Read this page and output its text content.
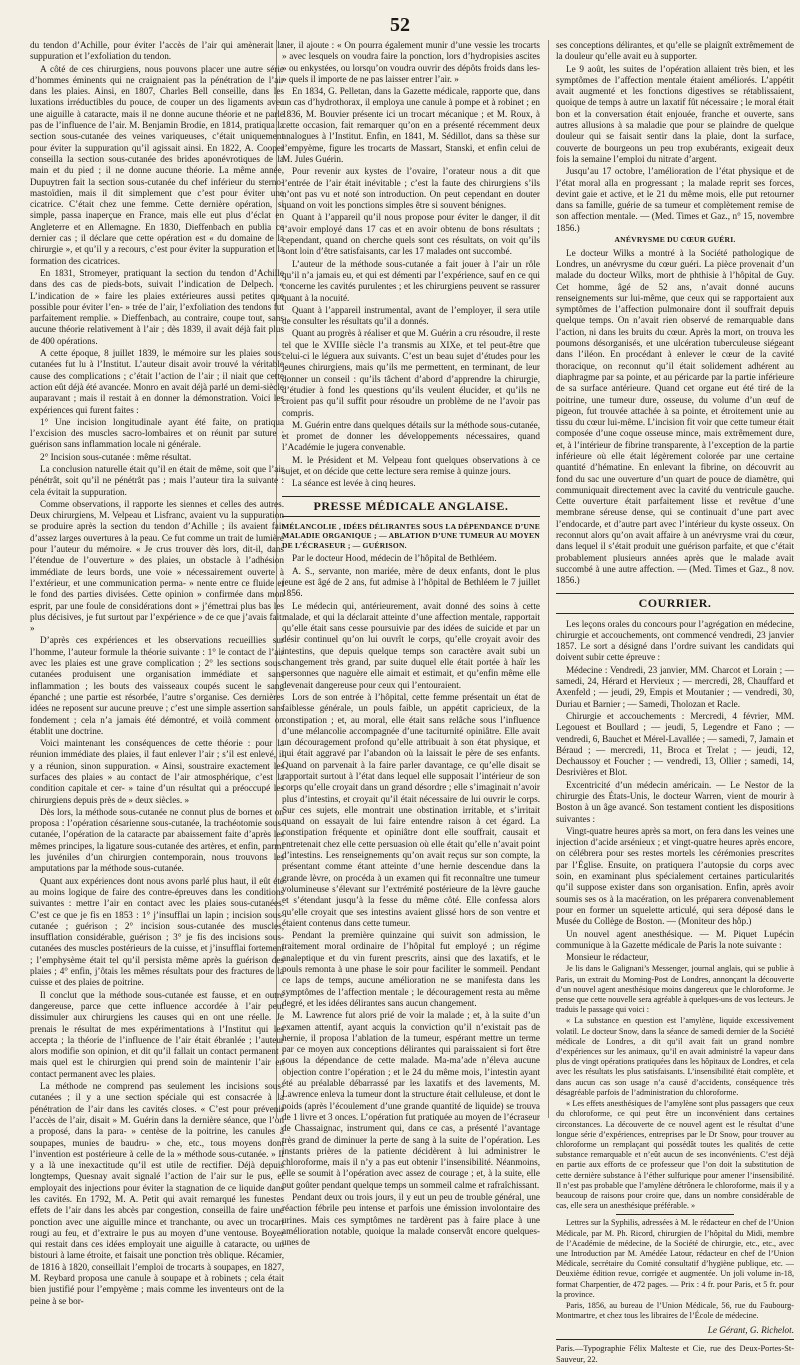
52

du tendon d’Achille, pour éviter l’accès de l’air qui amènerait la suppuration et l’exfoliation du tendon.

A côté de ces chirurgiens, nous pouvons placer une autre série d’hommes éminents qui ne craignaient pas la pénétration de l’air dans les plaies. Ainsi, en 1807, Charles Bell conseille, dans les luxations irréductibles du pouce, de couper un des ligaments avec une aiguille à cataracte, mais il ne donne aucune théorie et ne parle pas de l’influence de l’air. M. Benjamin Brodie, en 1814, pratiqua la section sous-cutanée des veines variqueuses, c’était uniquement pour éviter la suppuration qu’il agissait ainsi. En 1822, A. Cooper conseilla la section sous-cutanée des brides aponévrotiques de la main et du pied ; il ne donne aucune théorie. La même année, Dupuytren fait la section sous-cutanée du chef inférieur du sterno-mastoïdien, mais il dit simplement que c’est pour éviter une cicatrice. C’était chez une femme. Cette dernière opération, si simple, passa inaperçue en France, mais elle eut plus d’éclat en Angleterre et en Allemagne. En 1830, Dieffenbach en publia ce dernier cas ; il déclare que cette opération est « du domaine de la chirurgie », et qu’il y a recours, c’est pour éviter la suppuration et la formation des cicatrices.

En 1831, Stromeyer, pratiquant la section du tendon d’Achille dans des cas de pieds-bots, suivait l’indication de Delpech. « L’indication de » faire les plaies extérieures aussi petites que possible pour éviter l’en- » trée de l’air, l’exfoliation des tendons fut parfaitement remplie. » Dieffenbach, au contraire, coupe tout, sans aucune théorie relativement à l’air ; dès 1839, il avait déjà fait plus de 400 opérations.

A cette époque, 8 juillet 1839, le mémoire sur les plaies sous-cutanées fut lu à l’Institut. L’auteur disait avoir trouvé la véritable cause des complications ; c’était l’action de l’air ; il niait que cette action eût déjà été avancée. Monro en avait déjà parlé un demi-siècle auparavant ; mais il restait à en donner la démonstration. Voici les expériences qui furent faites :

1° Une incision longitudinale ayant été faite, on pratiqua l’excision des muscles sacro-lombaires et on réunit par suture ; guérison sans inflammation locale ni générale.

2° Incision sous-cutanée : même résultat.

La conclusion naturelle était qu’il en était de même, soit que l’air pénétrât, soit qu’il ne pénétrât pas ; mais l’auteur tira la suivante : cela évitait la suppuration.

Comme observations, il rapporte les siennes et celles des autres. Deux chirurgiens, M. Velpeau et Lisfranc, avaient vu la suppuration se produire après la section du tendon d’Achille ; ils avaient fait d’assez larges ouvertures à la peau. Ce fut comme un trait de lumière pour l’auteur du mémoire. « Je crus trouver dès lors, dit-il, dans l’étendue de l’ouverture » des plaies, un obstacle à l’adhésion immédiate de leurs bords, une voie » nécessairement ouverte à l’extérieur, et une communication perma- » nente entre ce fluide et le fond des parties divisées. Cette opinion » confirmée dans mon esprit, par une foule de considérations dont » j’émettrai plus bas les plus décisives, je fut surtout par l’expérience » de ce que j’avais fait. »

D’après ces expériences et les observations recueillies sur l’homme, l’auteur formule la théorie suivante : 1° le contact de l’air avec les plaies est une grave complication ; 2° les sections sous-cutanées produisent une organisation immédiate et sans inflammation ; les bouts des vaisseaux coupés sucent le sang épanché ; une partie est résorbée, l’autre s’organise. Ces dernières idées ne reposent sur aucune preuve ; c’est une simple assertion sans fondement ; cela n’a jamais été démontré, et voilà comment on établit une doctrine.

Voici maintenant les conséquences de cette théorie : pour la réunion immédiate des plaies, il faut enlever l’air ; s’il est enlevé, il y a réunion, sinon suppuration. « Ainsi, soustraire exactement les surfaces des plaies » au contact de l’air atmosphérique, c’est la condition capitale et cer- » taine d’un résultat qui a préoccupé les chirurgiens depuis près de » deux siècles. »

Dès lors, la méthode sous-cutanée ne connut plus de bornes et on proposa : l’opération césarienne sous-cutanée, la trachéotomie sous-cutanée, l’opération de la cataracte par abaissement faite d’après les mêmes principes, la ligature sous-cutanée des artères, et enfin, parmi les juvéniles d’un chirurgien contemporain, nous trouvons les amputations par la méthode sous-cutanée.

Quant aux expériences dont nous avons parlé plus haut, il eût été au moins logique de faire des contre-épreuves dans les conditions suivantes : mettre l’air en contact avec les plaies sous-cutanées. C’est ce que je fis en 1853 : 1° j’insufflai un lapin ; incision sous-cutanée ; guérison ; 2° incision sous-cutanée des muscles, insufflation considérable, guérison ; 3° je fis des incisions sous-cutanées des muscles postérieurs de la cuisse, et j’insufflai fortement ; l’emphysème était tel qu’il persista même après la guérison des plaies ; 4° enfin, j’ôtais les mêmes résultats pour des fractures de la cuisse et des plaies de poitrine.

Il conclut que la méthode sous-cutanée est fausse, et en outre dangereuse, parce que cette influence accordée à l’air peut dissimuler aux chirurgiens les causes qui en ont une réelle. Je prenais le résultat de mes expérimentations à l’Institut qui les accepta ; la théorie de l’influence de l’air était ébranlée ; l’auteur alors modifie son opinion, et dit qu’il fallait un contact permanent ; mais quel est le chirurgien qui prend soin de maintenir l’air en contact permanent avec les plaies.

La méthode ne comprend pas seulement les incisions sous-cutanées ; il y a une section spéciale qui est consacrée à la pénétration de l’air dans les cavités closes. « C’est pour prévenir l’accès de l’air, disait » M. Guérin dans la dernière séance, que l’on a proposé, dans la para- » centèse de la poitrine, les canules à soupapes, munies de baudru- » che, etc., tous moyens dont l’invention est postérieure à celle de la » méthode sous-cutanée. » Il y a là une inexactitude qu’il est utile de rectifier. Déjà depuis longtemps, Quesnay avait signalé l’action de l’air sur le pus, et employait des injections pour éviter la stagnation de ce liquide dans les cavités. En 1792, M. A. Petit qui avait remarqué les funestes effets de l’air dans les abcès par congestion, conseilla de faire une ponction avec une aiguille mince et tranchante, ou avec un trocart rougi au feu, et d’extraire le pus au moyen d’une ventouse. Boyer qui restait dans ces idées employait une aiguille à cataracte, ou un bistouri à lame étroite, et faisait une ponction très oblique. Récamier, de 1816 à 1820, conseillait l’emploi de trocarts à soupapes, en 1827, M. Reybard proposa une canule à soupape et à robinets ; cela était bien justifié pour l’empyème ; mais comme les inventeurs ont de la peine à se bor-

ner, il ajoute : « On pourra également munir d’une vessie les trocarts » avec lesquels on voudra faire la ponction, lors d’hydropisies ascites » ou enkystées, ou lorsqu’on voudra ouvrir des dépôts froids dans les- » quels il importe de ne pas laisser entrer l’air. »

En 1834, G. Pelletan, dans la Gazette médicale, rapporte que, dans un cas d’hydrothorax, il employa une canule à pompe et à robinet ; en 1836, M. Bouvier présente ici un trocart mécanique ; et M. Roux, à cette occasion, fait remarquer qu’on en a présenté récemment deux analogues à l’Institut. Enfin, en 1841, M. Sédillot, dans sa thèse sur l’empyème, figure les trocarts de Massart, Stanski, et enfin celui de M. Jules Guérin.

Pour revenir aux kystes de l’ovaire, l’orateur nous a dit que l’entrée de l’air était inévitable ; c’est la faute des chirurgiens s’ils n’ont pas vu et noté son introduction. On peut cependant en douter quand on voit les ponctions simples être si souvent bénignes.

Quant à l’appareil qu’il nous propose pour éviter le danger, il dit l’avoir employé dans 17 cas et en avoir obtenu de bons résultats ; cependant, quand on cherche quels sont ces résultats, on voit qu’ils sont loin d’être satisfaisants, car les 17 malades ont succombé.

L’auteur de la méthode sous-cutanée a fait jouer à l’air un rôle qu’il n’a jamais eu, et qui est démenti par l’expérience, sauf en ce qui concerne les cavités purulentes ; et les chirurgiens peuvent se rassurer quant à la nocuité.

Quant à l’appareil instrumental, avant de l’employer, il sera utile de consulter les résultats qu’il a donnés.

Quant au progrès à réaliser et que M. Guérin a cru résoudre, il reste tel que le XVIIIe siècle l’a transmis au XIXe, et tel peut-être que celui-ci le léguera aux suivants. C’est un beau sujet d’études pour les jeunes chirurgiens, mais qu’ils me permettent, en terminant, de leur donner un conseil : qu’ils tâchent d’abord d’apprendre la chirurgie, d’étudier à fond les questions qu’ils veulent élucider, et qu’ils ne croient pas qu’il suffit pour résoudre un problème de ne l’avoir pas compris.

M. Guérin entre dans quelques détails sur la méthode sous-cutanée, et promet de donner les développements nécessaires, quand l’Académie le jugera convenable.

M. le Président et M. Velpeau font quelques observations à ce sujet, et on décide que cette lecture sera remise à quinze jours.

La séance est levée à cinq heures.

PRESSE MÉDICALE ANGLAISE.

MÉLANCOLIE , IDÉES DÉLIRANTES SOUS LA DÉPENDANCE D’UNE MALADIE ORGANIQUE ; — ABLATION D’UNE TUMEUR AU MOYEN DE L’ÉCRASEUR ; — GUÉRISON.

Par le docteur Hood, médecin de l’hôpital de Bethléem.

A. S., servante, non mariée, mère de deux enfants, dont le plus jeune est âgé de 2 ans, fut admise à l’hôpital de Bethléem le 7 juillet 1856.

Le médecin qui, antérieurement, avait donné des soins à cette malade, et qui la déclarait atteinte d’une affection mentale, rapportait qu’elle était sans cesse poursuivie par des idées de suicide et par un désir continuel qu’on lui ouvrît le corps, qu’elle croyait avoir des intestins, que depuis quelque temps son caractère avait subi un changement très grand, par suite duquel elle était portée à haïr les personnes que naguère elle aimait et estimait, et qu’enfin même elle devenait dangereuse pour ceux qui l’entouraient.

Lors de son entrée à l’hôpital, cette femme présentait un état de faiblesse générale, un pouls faible, un appétit capricieux, de la constipation ; et, au moral, elle était sans relâche sous l’influence d’une mélancolie accompagnée d’une taciturnité opiniâtre. Elle avait un découragement profond qu’elle attribuait à son état physique, et qui était aggravé par l’abandon où la laissait le père de ses enfants. Quand on parvenait à la faire parler davantage, ce qu’elle disait se rapportait surtout à l’état dans lequel elle supposait l’intérieur de son corps qu’elle croyait dans un grand désordre ; elle s’imaginait n’avoir plus d’intestins, et croyait qu’il était nécessaire de lui ouvrir le corps. Sur ces sujets, elle montrait une obstination irritable, et s’irritait quand on essayait de lui faire entendre raison à cet égard. La constipation fréquente et opiniâtre dont elle souffrait, causait et entretenait chez elle cette persuasion où elle était qu’elle n’avait point d’intestins. Les renseignements qu’on avait reçus sur son compte, la présentant comme étant atteinte d’une hernie descendue dans la grande lèvre, on procéda à un examen qui fit reconnaître une tumeur volumineuse s’élevant sur l’extrémité postérieure de la lèvre gauche et s’étendant jusqu’à la fesse du même côté. Elle confessa alors qu’elle croyait que ses intestins avaient glissé hors de son ventre et étaient contenus dans cette tumeur.

Pendant la première quinzaine qui suivit son admission, le traitement moral ordinaire de l’hôpital fut employé ; un régime analeptique et du vin furent prescrits, ainsi que des laxatifs, et le pouls remonta à une phase le soir pour faciliter le sommeil. Pendant ce laps de temps, aucune amélioration ne se manifesta dans les symptômes de l’affection mentale ; le découragement resta au même degré, et les idées délirantes sans aucun changement.

M. Lawrence fut alors prié de voir la malade ; et, à la suite d’un examen attentif, ayant acquis la conviction qu’il n’existait pas de hernie, il proposa l’ablation de la tumeur, espérant mettre un terme par ce moyen aux conceptions délirantes qui paraissaient si fort être sous la dépendance de cette malade. Ma-ma’ade n’éleva aucune objection contre l’opération ; et le 24 du même mois, l’intestin ayant été au préalable débarrassé par les laxatifs et des lavements, M. Lawrence enleva la tumeur dont la structure était celluleuse, et dont le poids (après l’écoulement d’une grande quantité de liquide) se trouva de 1 livre et 3 onces. L’opération fut pratiquée au moyen de l’écraseur de Chassaignac, instrument qui, dans ce cas, a présenté l’avantage très grand de diminuer la perte de sang à la suite de l’opération. Les instants prières de la patiente décidèrent à lui administrer le chloroforme, mais il n’y a pas eut obtenir l’insensibilité. Néanmoins, elle se soumit à l’opération avec assez de courage ; et, à la suite, elle put goûter pendant quelque temps un sommeil calme et rafraîchissant.

Pendant deux ou trois jours, il y eut un peu de trouble général, une réaction fébrile peu intense et parfois une émission involontaire des urines. Mais ces symptômes ne tardèrent pas à faire place à une amélioration notable, quoique la malade conservât encore quelques-unes de

ses conceptions délirantes, et qu’elle se plaignît extrêmement de la douleur qu’elle avait eu à supporter.

Le 9 août, les suites de l’opération allaient très bien, et les symptômes de l’affection mentale étaient améliorés. L’appétit avait augmenté et les fonctions digestives se rétablissaient, quoique de temps à autre un laxatif fût nécessaire ; le moral était bon et la conversation était enjouée, franche et ouverte, sans autres allusions à sa maladie que pour se plaindre de quelque douleur qui se faisait sentir dans la plaie, dont la surface, couverte de bourgeons un peu trop exubérants, exigeait deux fois la semaine l’emploi du nitrate d’argent.

Jusqu’au 17 octobre, l’amélioration de l’état physique et de l’état moral alla en progressant ; la malade reprit ses forces, devint gaie et active, et le 21 du même mois, elle put retourner dans sa famille, guérie de sa tumeur et complètement remise de son affection mentale. — (Med. Times et Gaz., n° 15, novembre 1856.)

ANÉVRYSME DU CŒUR GUÉRI.

Le docteur Wilks a montré à la Société pathologique de Londres, un anévrysme du cœur guéri. La pièce provenait d’un malade du docteur Wilks, mort de phthisie à l’hôpital de Guy. Cet homme, âgé de 52 ans, n’avait donné aucuns renseignements sur lui-même, que ceux qui se rapportaient aux symptômes de l’affection pulmonaire dont il souffrait depuis quelque temps. On n’avait rien observé de remarquable dans l’action, ni dans les bruits du cœur. Après la mort, on trouva les poumons désorganisés, et une ulcération tuberculeuse siégeant dans l’iléon. En procédant à enlever le cœur de la cavité thoracique, on reconnut qu’il était solidement adhérent au diaphragme par sa pointe, et au péricarde par la partie inférieure de sa surface antérieure. Quand cet organe eut été tiré de la poitrine, une tumeur dure, osseuse, du volume d’un œuf de pigeon, fut trouvée attachée à sa pointe, et étroitement unie au tissu du cœur lui-même. L’incision fit voir que cette tumeur était composée d’une coque osseuse mince, mais extrêmement dure, et, à l’intérieur de fibrine transparente, à l’exception de la partie inférieure où elle était légèrement colorée par une certaine quantité d’hématine. En enlevant la fibrine, on découvrit au fond du sac une ouverture d’un quart de pouce de diamètre, qui communiquait directement avec la cavité du ventricule gauche. Cette ouverture était parfaitement lisse et revêtue d’une membrane séreuse dense, qui se continuait d’une part avec l’endocarde, et d’autre part avec l’intérieur du kyste osseux. On reconnut alors qu’on avait affaire à un anévrysme vrai du cœur, dans lequel il s’était produit une guérison parfaite, et que c’était probablement plusieurs années après que le malade avait succombé à une autre affection. — (Med. Times et Gaz., 8 nov. 1856.)

COURRIER.

Les leçons orales du concours pour l’agrégation en médecine, chirurgie et accouchements, ont commencé vendredi, 23 janvier 1857. Le sort a désigné dans l’ordre suivant les candidats qui doivent subir cette épreuve :

Médecine : Vendredi, 23 janvier, MM. Charcot et Lorain ; — samedi, 24, Hérard et Hervieux ; — mercredi, 28, Chauffard et Axenfeld ; — jeudi, 29, Empis et Moutanier ; — vendredi, 30, Duriau et Barnier ; — Samedi, Tholozan et Racle.

Chirurgie et accouchements : Mercredi, 4 février, MM. Legouest et Boullard ; — jeudi, 5, Legendre et Fano ; — vendredi, 6, Bauchet et Mérel-Lavallée ; — samedi, 7, Jamain et Béraud ; — mercredi, 11, Broca et Trelat ; — jeudi, 12, Dechaussoy et Foucher ; — vendredi, 13, Ollier ; samedi, 14, Desrivières et Blot.

Excentricité d’un médecin américain. — Le Nestor de la chirurgie des États-Unis, le docteur Warren, vient de mourir à Boston à un âge avancé. Son testament contient les dispositions suivantes :

Vingt-quatre heures après sa mort, on fera dans les veines une injection d’acide arsénieux ; et vingt-quatre heures après encore, on célébrera pour ses restes mortels les cérémonies prescrites par l’Église. Ensuite, on pratiquera l’autopsie du corps avec soin, en examinant plus spécialement certaines particularités qu’il suppose exister dans son organisation. Enfin, après avoir soumis ses os à la macération, on les préparera convenablement pour en former un squelette articulé, qui sera déposé dans le Musée du Collège de Boston. — (Moniteur des hôp.)

Un nouvel agent anesthésique. — M. Piquet Lupécin communique à la Gazette médicale de Paris la note suivante :

Monsieur le rédacteur,

Je lis dans le Galignani’s Messenger, journal anglais, qui se publie à Paris, un extrait du Morning-Post de Londres, annonçant la découverte d’un nouvel agent anesthésique moins dangereux que le chloroforme. Je pense que cette nouvelle sera agréable à quelques-uns de vos lecteurs. Je traduis le passage qui voici :

« La substance en question est l’amylène, liquide excessivement volatil. Le docteur Snow, dans la séance de samedi dernier de la Société médicale de Londres, a dit qu’il avait fait un grand nombre d’expériences sur les animaux, qu’il en avait administré la vapeur dans plus de vingt opérations pratiquées dans les hôpitaux de Londres, et cela avec les résultats les plus satisfaisants. L’insensibilité était complète, et dans aucun cas son usage n’a causé d’accidents, conséquence très désagréable parfois de l’administration du chloroforme.

« Les effets anesthésiques de l’amylène sont plus passagers que ceux du chloroforme, ce qui peut être un inconvénient dans certaines circonstances. La découverte de ce nouvel agent est le résultat d’une longue série d’expériences, entreprises par le Dr Snow, pour trouver au chloroforme un remplaçant qui possédât toutes les qualités de cette substance remarquable et n’eût aucun de ses inconvénients. C’est déjà en partie aux efforts de ce professeur que l’on doit la substitution de cette dernière substance à l’éther sulfurique pour amener l’insensibilité. Il n’est pas probable que l’amylène détrônera le chloroforme, mais il y a beaucoup de raisons pour croire que, dans un nombre considérable de cas, elle sera un anesthésique préférable. »

Lettres sur la Syphilis, adressées à M. le rédacteur en chef de l’Union Médicale, par M. Ph. Ricord, chirurgien de l’hôpital du Midi, membre de l’Académie de médecine, de la Société de chirurgie, etc., etc., avec une Introduction par M. Amédée Latour, rédacteur en chef de l’Union Médicale, secrétaire du Comité consultatif d’hygiène publique, etc. — Deuxième édition revue, corrigée et augmentée. Un joli volume in-18, format Charpentier, de 472 pages. — Prix : 4 fr. pour Paris, et 5 fr. pour la province.

Paris, 1856, au bureau de l’Union Médicale, 56, rue du Faubourg-Montmartre, et chez tous les libraires de l’École de médecine.

Le Gérant, G. Richelot.

Paris.—Typographie Félix Malteste et Cie, rue des Deux-Portes-St-Sauveur, 22.
